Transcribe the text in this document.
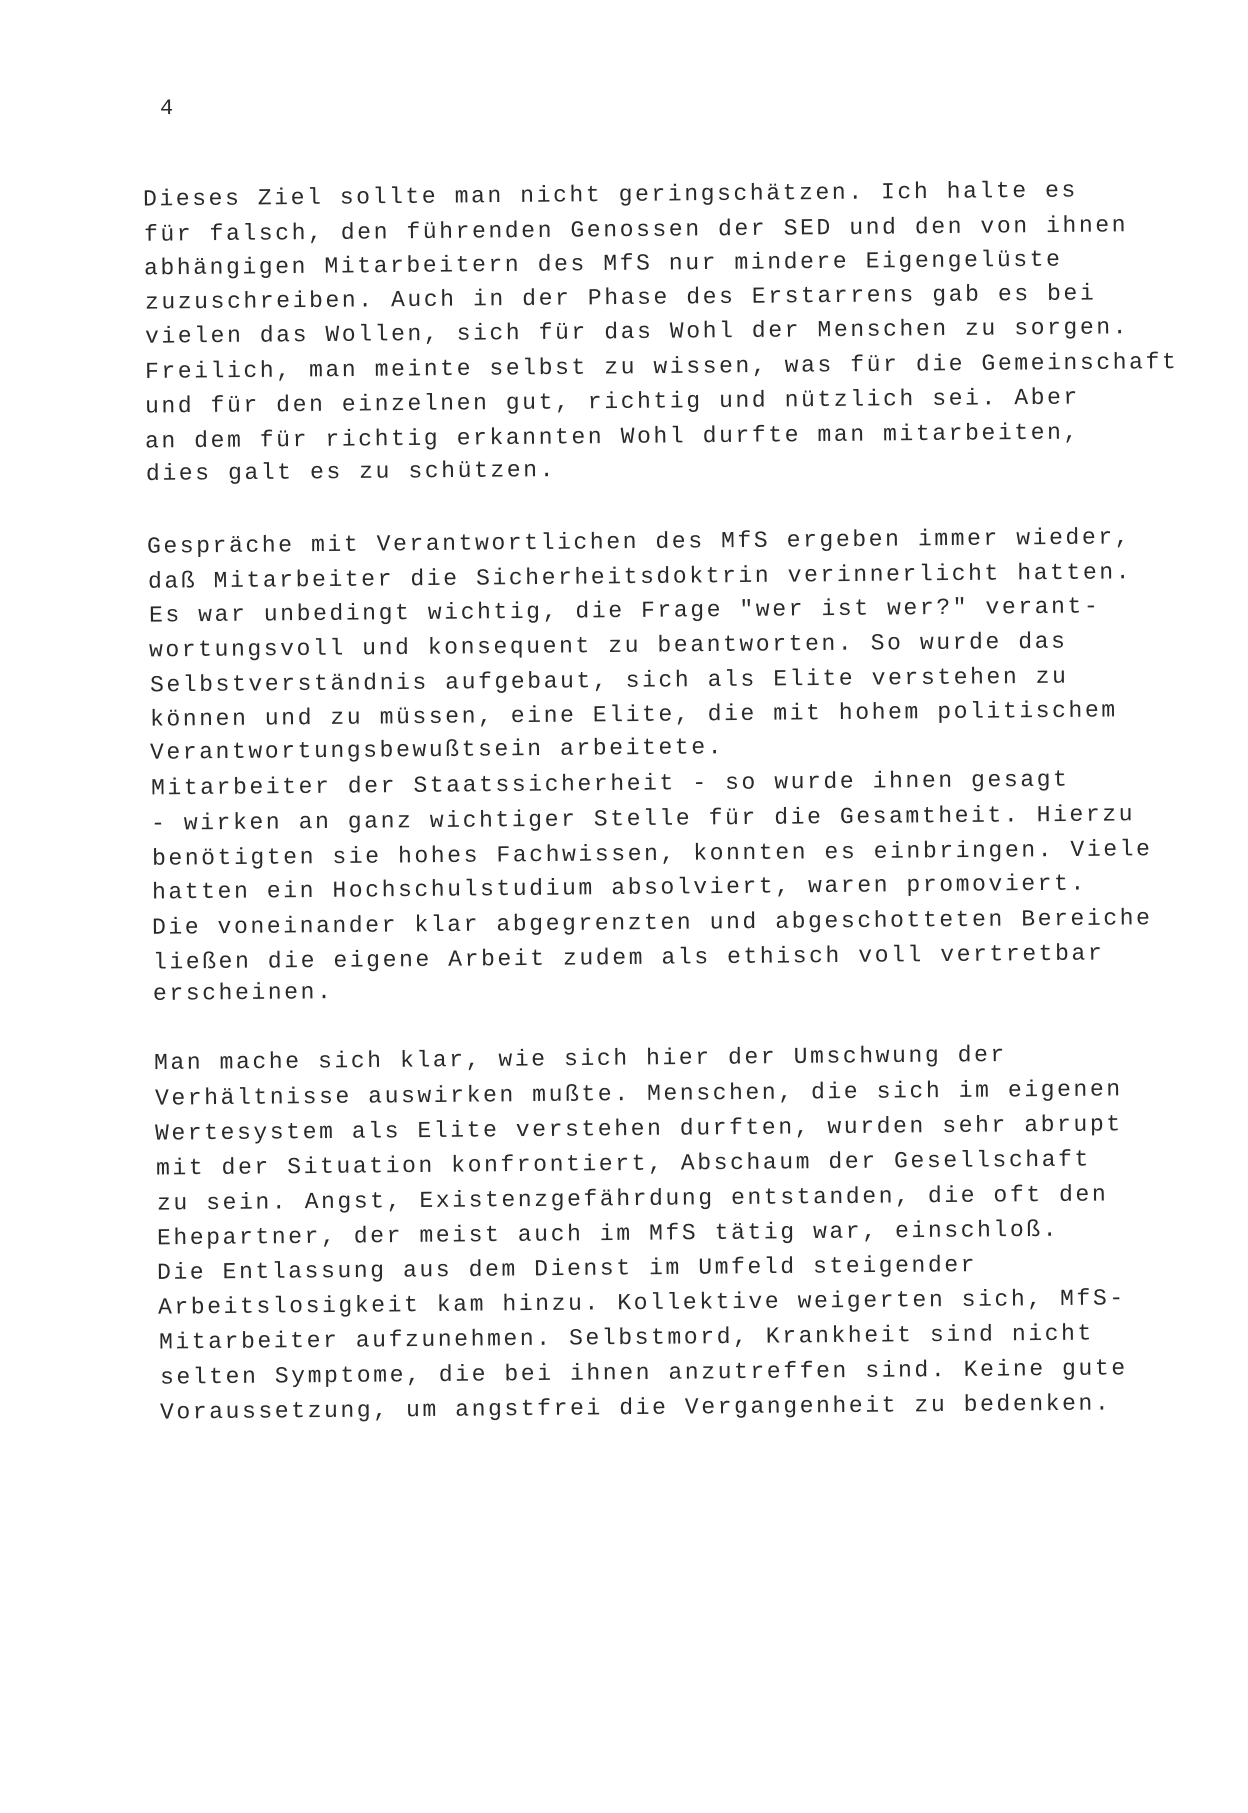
4
Dieses Ziel sollte man nicht geringschätzen. Ich halte es
für falsch, den führenden Genossen der SED und den von ihnen
abhängigen Mitarbeitern des MfS nur mindere Eigengelüste
zuzuschreiben. Auch in der Phase des Erstarrens gab es bei
vielen das Wollen, sich für das Wohl der Menschen zu sorgen.
Freilich, man meinte selbst zu wissen, was für die Gemeinschaft
und für den einzelnen gut, richtig und nützlich sei. Aber
an dem für richtig erkannten Wohl durfte man mitarbeiten,
dies galt es zu schützen.
Gespräche mit Verantwortlichen des MfS ergeben immer wieder,
daß Mitarbeiter die Sicherheitsdoktrin verinnerlicht hatten.
Es war unbedingt wichtig, die Frage "wer ist wer?" verant-
wortungsvoll und konsequent zu beantworten. So wurde das
Selbstverständnis aufgebaut, sich als Elite verstehen zu
können und zu müssen, eine Elite, die mit hohem politischem
Verantwortungsbewußtsein arbeitete.
Mitarbeiter der Staatssicherheit - so wurde ihnen gesagt
- wirken an ganz wichtiger Stelle für die Gesamtheit. Hierzu
benötigten sie hohes Fachwissen, konnten es einbringen. Viele
hatten ein Hochschulstudium absolviert, waren promoviert.
Die voneinander klar abgegrenzten und abgeschotteten Bereiche
ließen die eigene Arbeit zudem als ethisch voll vertretbar
erscheinen.
Man mache sich klar, wie sich hier der Umschwung der
Verhältnisse auswirken mußte. Menschen, die sich im eigenen
Wertesystem als Elite verstehen durften, wurden sehr abrupt
mit der Situation konfrontiert, Abschaum der Gesellschaft
zu sein. Angst, Existenzgefährdung entstanden, die oft den
Ehepartner, der meist auch im MfS tätig war, einschloß.
Die Entlassung aus dem Dienst im Umfeld steigender
Arbeitslosigkeit kam hinzu. Kollektive weigerten sich, MfS-
Mitarbeiter aufzunehmen. Selbstmord, Krankheit sind nicht
selten Symptome, die bei ihnen anzutreffen sind. Keine gute
Voraussetzung, um angstfrei die Vergangenheit zu bedenken.
